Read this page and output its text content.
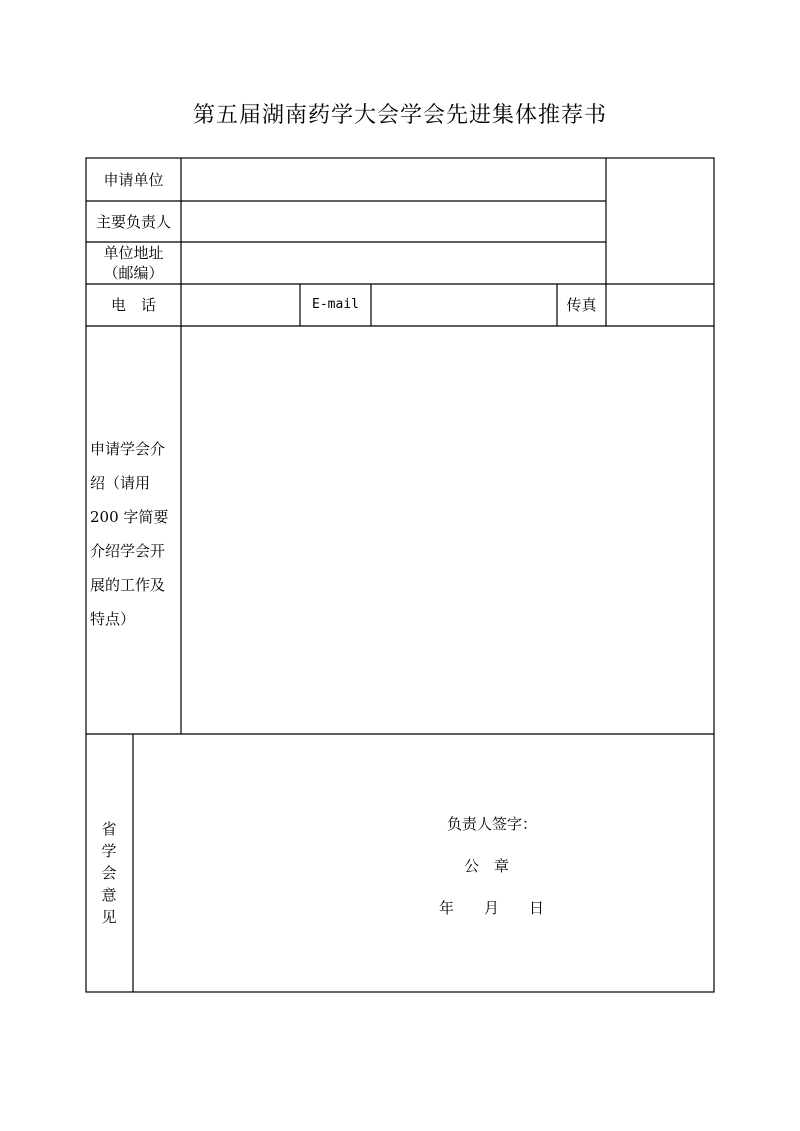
第五届湖南药学大会学会先进集体推荐书
申请单位
主要负责人
单位地址
（邮编）
电　话	E-mail	传真
申请学会介
绍（请用
200 字简要
介绍学会开
展的工作及
特点）
省
学
会
意
见
负责人签字：
公　章
年　　月　　日
